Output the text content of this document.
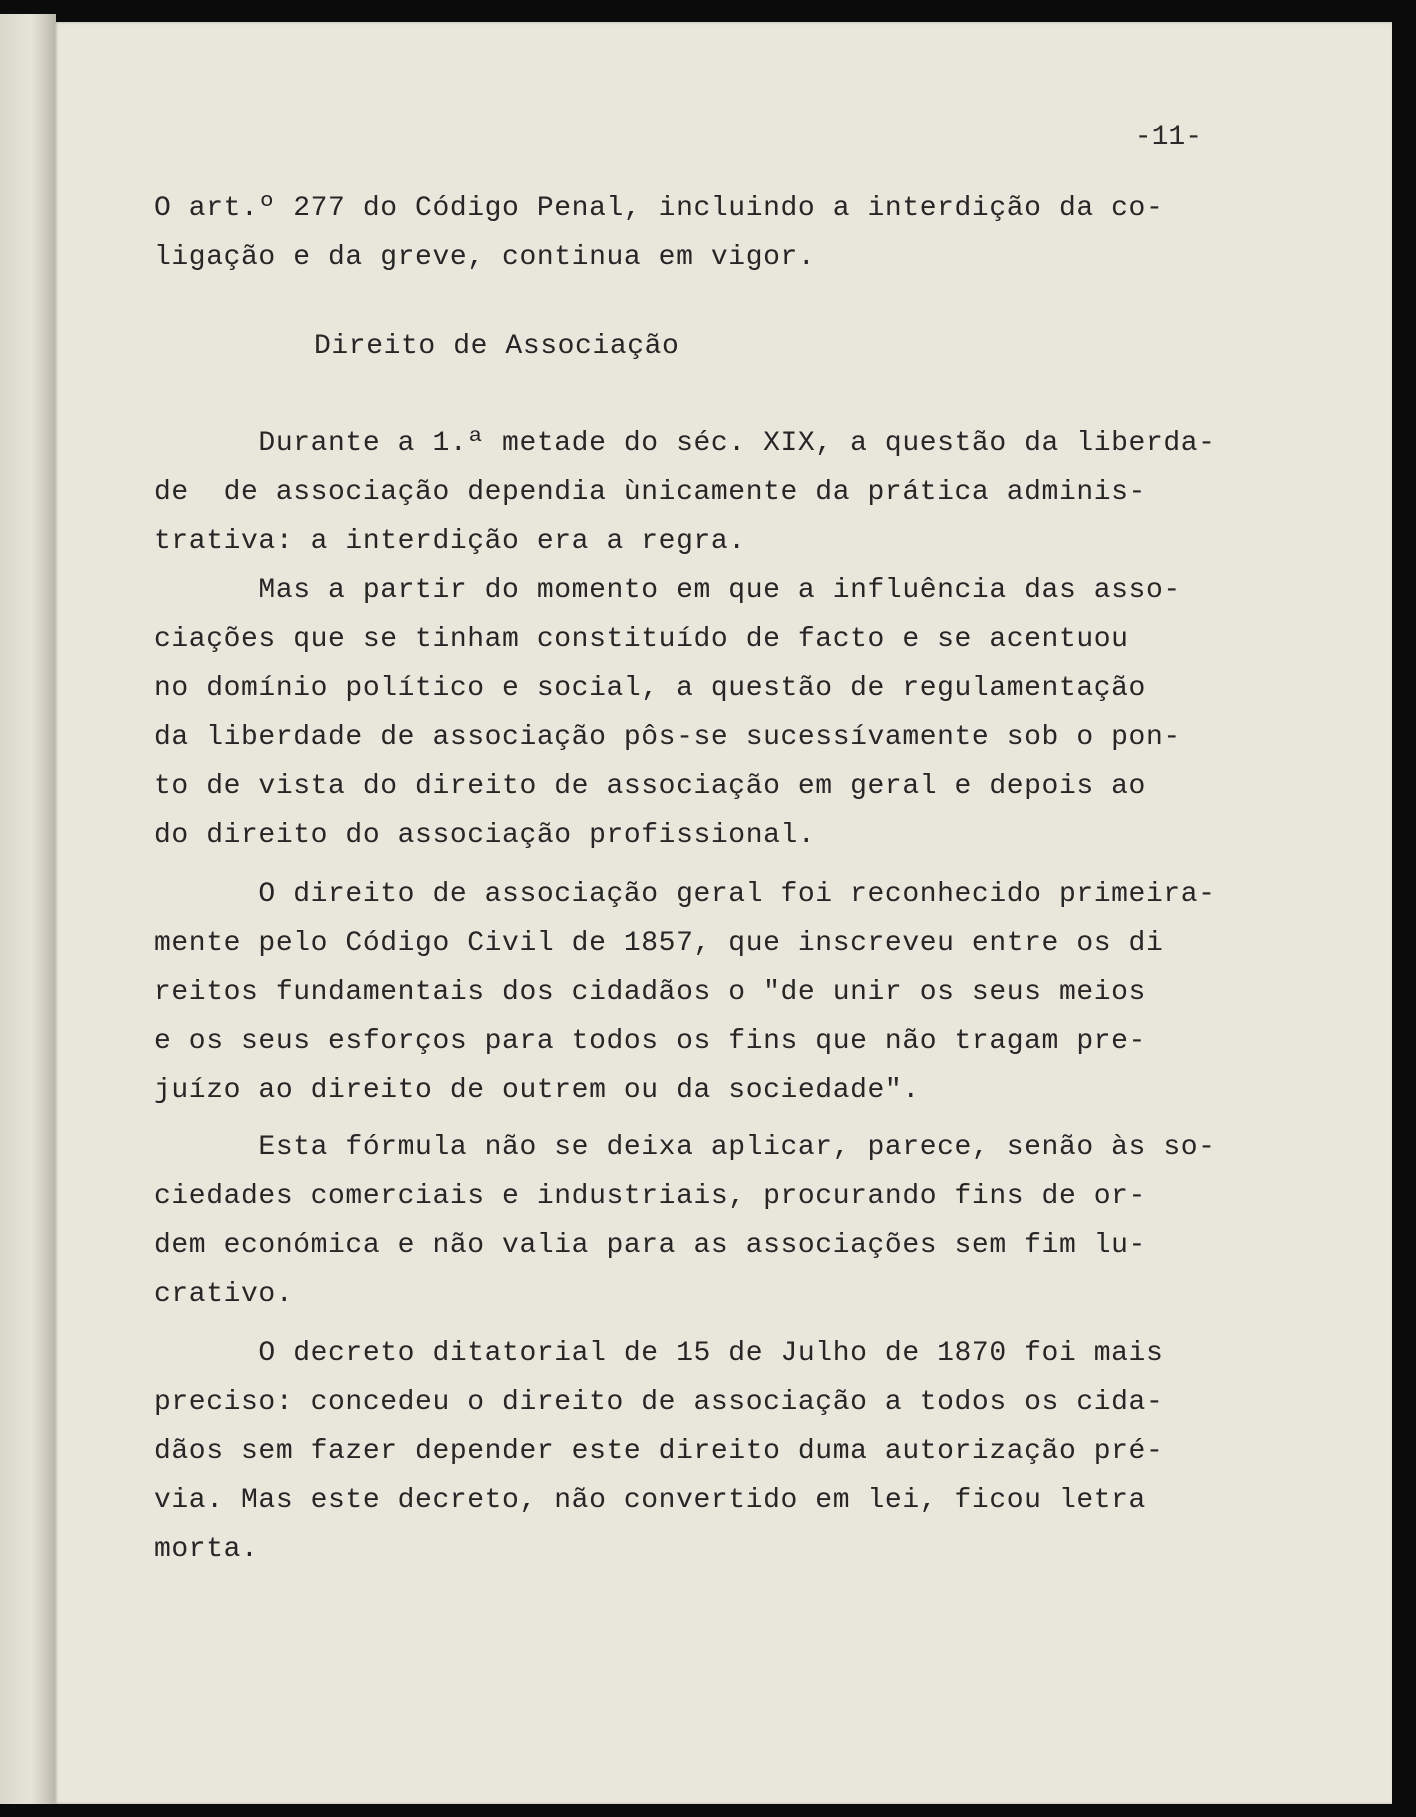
-11-

O art.º 277 do Código Penal, incluindo a interdição da co-
ligação e da greve, continua em vigor.

Direito de Associação

Durante a 1.ª metade do séc. XIX, a questão da liberda-
de  de associação dependia ùnicamente da prática adminis-
trativa: a interdição era a regra.

Mas a partir do momento em que a influência das asso-
ciações que se tinham constituído de facto e se acentuou
no domínio político e social, a questão de regulamentação
da liberdade de associação pôs-se sucessívamente sob o pon-
to de vista do direito de associação em geral e depois ao
do direito do associação profissional.

O direito de associação geral foi reconhecido primeira-
mente pelo Código Civil de 1857, que inscreveu entre os di
reitos fundamentais dos cidadãos o "de unir os seus meios
e os seus esforços para todos os fins que não tragam pre-
juízo ao direito de outrem ou da sociedade".

Esta fórmula não se deixa aplicar, parece, senão às so-
ciedades comerciais e industriais, procurando fins de or-
dem económica e não valia para as associações sem fim lu-
crativo.

O decreto ditatorial de 15 de Julho de 1870 foi mais
preciso: concedeu o direito de associação a todos os cida-
dãos sem fazer depender este direito duma autorização pré-
via. Mas este decreto, não convertido em lei, ficou letra
morta.
